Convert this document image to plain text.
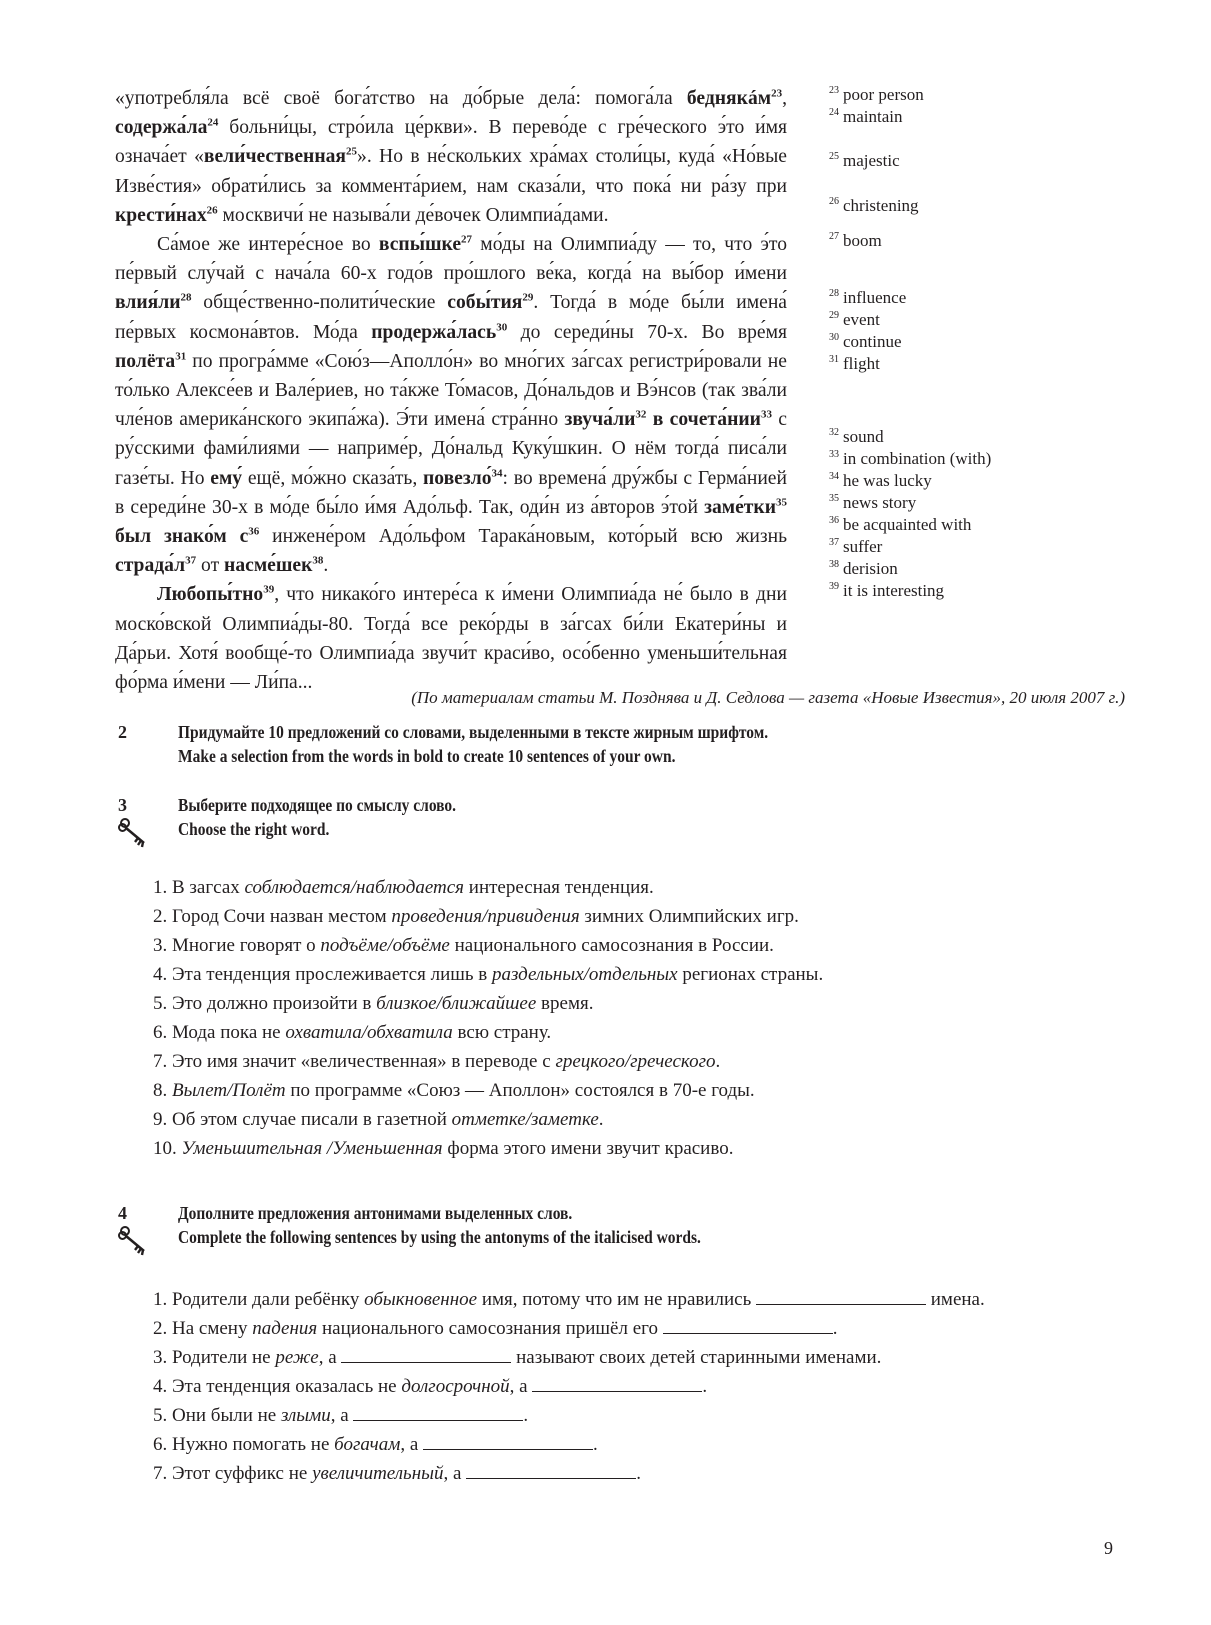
«употребля́ла всё своё бога́тство на до́брые дела́: помога́ла беднякáм$^{23}$, содержа́ла$^{24}$ больни́цы, стро́ила це́ркви». В перево́де с гре́ческого э́то и́мя означа́ет «вели́чественная$^{25}$». Но в не́скольких хра́мах столи́цы, куда́ «Но́вые Изве́стия» обрати́лись за коммента́рием, нам сказа́ли, что пока́ ни ра́зу при крести́нах$^{26}$ москвичи́ не называ́ли де́вочек Олимпиа́дами.

Са́мое же интере́сное во вспы́шке$^{27}$ мо́ды на Олимпиа́ду — то, что э́то пе́рвый слу́чай с нача́ла 60-х годо́в про́шлого ве́ка, когда́ на вы́бор и́мени влия́ли$^{28}$ обще́ственно-полити́ческие собы́тия$^{29}$. Тогда́ в мо́де бы́ли имена́ пе́рвых космона́втов. Мо́да продержа́лась$^{30}$ до середи́ны 70-х. Во вре́мя полёта$^{31}$ по програ́мме «Сою́з—Аполло́н» во мно́гих за́гсах регистри́ровали не то́лько Алексе́ев и Вале́риев, но та́кже То́масов, До́нальдов и Вэ́нсов (так зва́ли чле́нов америка́нского экипа́жа). Э́ти имена́ стра́нно звуча́ли$^{32}$ в сочета́нии$^{33}$ с ру́сскими фами́лиями — наприме́р, До́нальд Куку́шкин. О нём тогда́ писа́ли газе́ты. Но ему́ ещё, мо́жно сказа́ть, повезло́$^{34}$: во времена́ дру́жбы с Герма́нией в середи́не 30-х в мо́де бы́ло и́мя Адо́льф. Так, оди́н из а́второв э́той заме́тки$^{35}$ был знако́м с$^{36}$ инжене́ром Адо́льфом Тарака́новым, кото́рый всю жизнь страда́л$^{37}$ от насме́шек$^{38}$.

Любопы́тно$^{39}$, что никако́го интере́са к и́мени Олимпиа́да не́ было в дни моско́вской Олимпиа́ды-80. Тогда́ все реко́рды в за́гсах би́ли Екатери́ны и Да́рьи. Хотя́ вообще́-то Олимпиа́да звучи́т краси́во, осо́бенно уменьши́тельная фо́рма и́мени — Ли́па...

$^{23}$ poor person
$^{24}$ maintain
$^{25}$ majestic
$^{26}$ christening
$^{27}$ boom
$^{28}$ influence
$^{29}$ event
$^{30}$ continue
$^{31}$ flight
$^{32}$ sound
$^{33}$ in combination (with)
$^{34}$ he was lucky
$^{35}$ news story
$^{36}$ be acquainted with
$^{37}$ suffer
$^{38}$ derision
$^{39}$ it is interesting
(По материалам статьи М. Позднява и Д. Седлова — газета «Новые Известия», 20 июля 2007 г.)
2	Придумайте 10 предложений со словами, выделенными в тексте жирным шрифтом.
Make a selection from the words in bold to create 10 sentences of your own.
3	Выберите подходящее по смыслу слово.
Choose the right word.
1. В загсах соблюдается/наблюдается интересная тенденция.
2. Город Сочи назван местом проведения/привидения зимних Олимпийских игр.
3. Многие говорят о подъёме/объёме национального самосознания в России.
4. Эта тенденция прослеживается лишь в раздельных/отдельных регионах страны.
5. Это должно произойти в близкое/ближайшее время.
6. Мода пока не охватила/обхватила всю страну.
7. Это имя значит «величественная» в переводе с грецкого/греческого.
8. Вылет/Полёт по программе «Союз — Аполлон» состоялся в 70-е годы.
9. Об этом случае писали в газетной отметке/заметке.
10. Уменьшительная /Уменьшенная форма этого имени звучит красиво.
4	Дополните предложения антонимами выделенных слов.
Complete the following sentences by using the antonyms of the italicised words.
1. Родители дали ребёнку обыкновенное имя, потому что им не нравились	имена.
2. На смену падения национального самосознания пришёл его	.
3. Родители не реже, а	называют своих детей старинными именами.
4. Эта тенденция оказалась не долгосрочной, а	.
5. Они были не злыми, а	.
6. Нужно помогать не богачам, а	.
7. Этот суффикс не увеличительный, а	.
9
